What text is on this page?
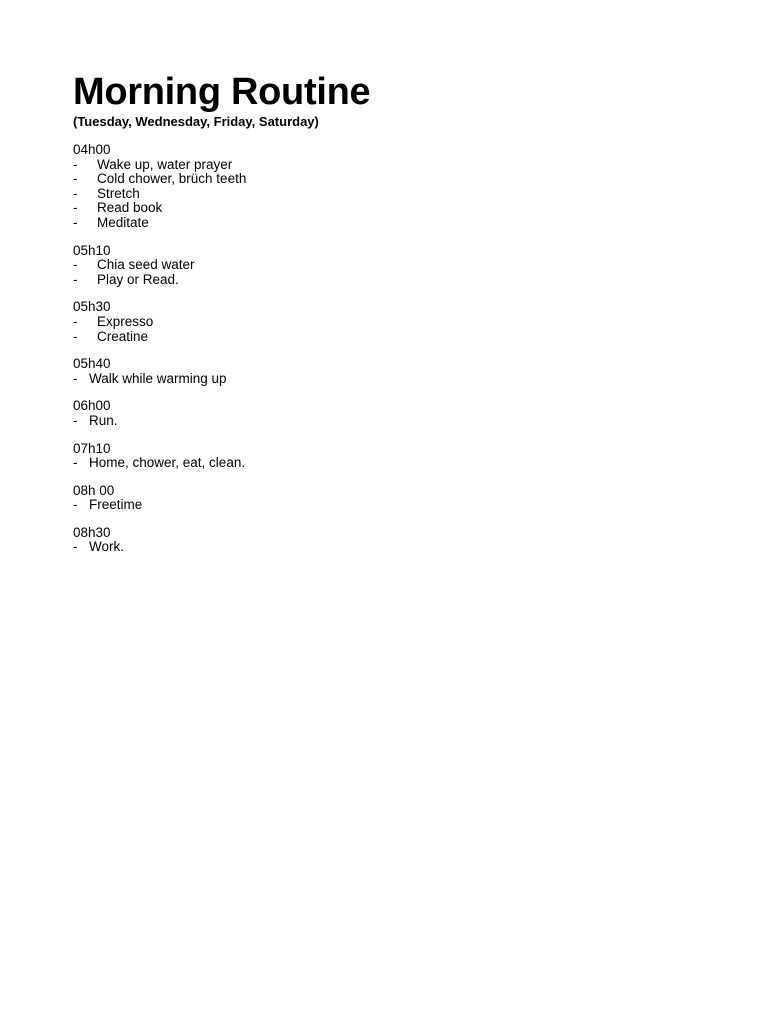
Morning Routine
(Tuesday, Wednesday, Friday, Saturday)
04h00
-	Wake up, water prayer
-	Cold chower, brüch teeth
-	Stretch
-	Read book
-	Meditate
05h10
-	Chia seed water
-	Play or Read.
05h30
-	Expresso
-	Creatine
05h40
- Walk while warming up
06h00
- Run.
07h10
- Home, chower, eat, clean.
08h 00
- Freetime
08h30
- Work.
